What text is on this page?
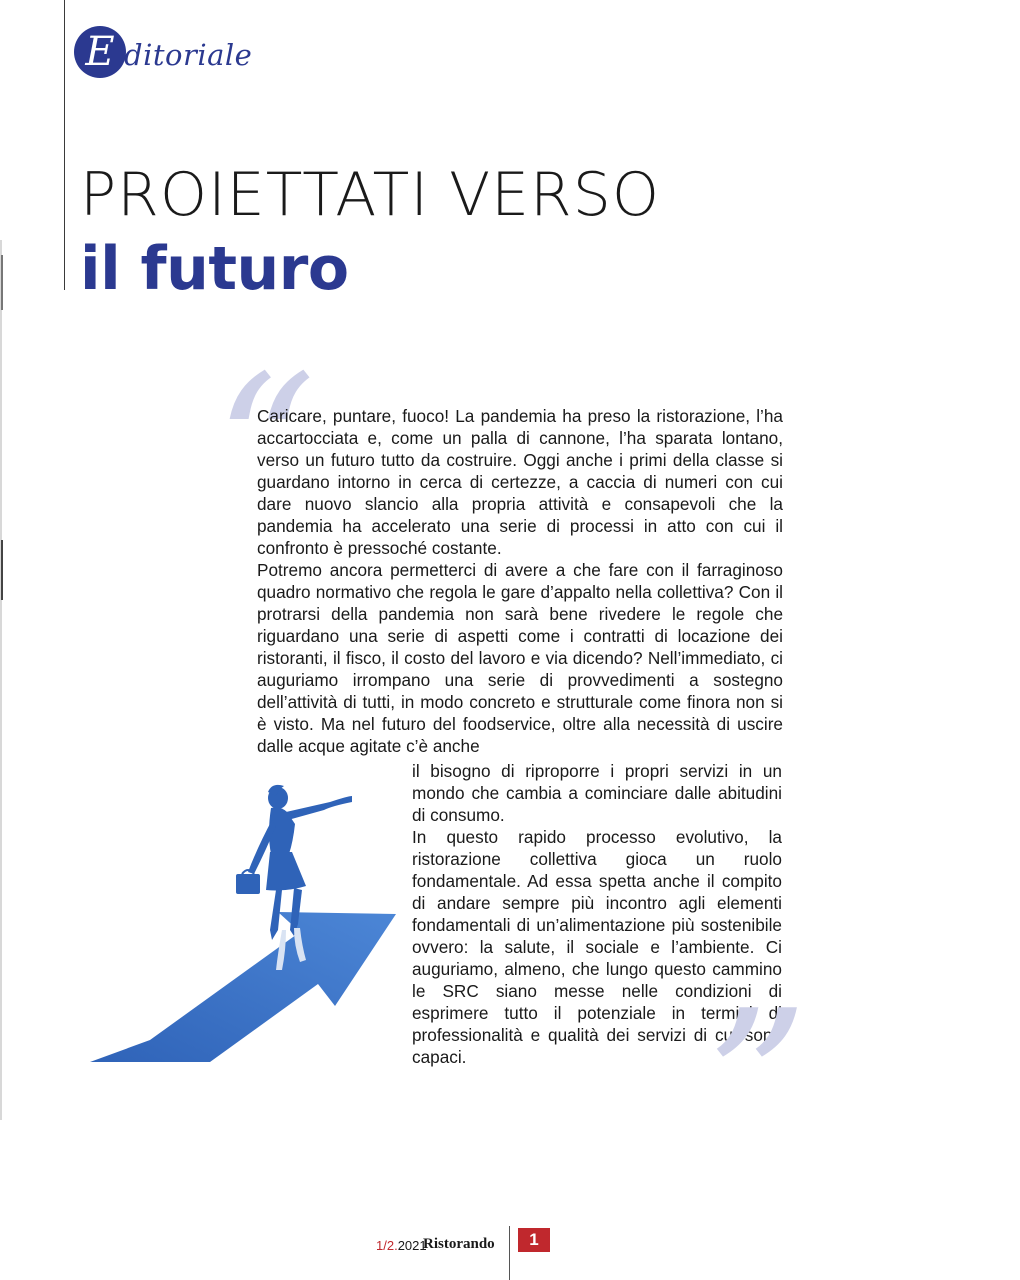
E ditoriale
PROIETTATI VERSO
il futuro
“

Caricare, puntare, fuoco! La pandemia ha preso la ristorazione, l’ha accartocciata e, come un palla di cannone, l’ha sparata lontano, verso un futuro tutto da costruire. Oggi anche i primi della classe si guardano intorno in cerca di certezze, a caccia di numeri con cui dare nuovo slancio alla propria attività e consapevoli che la pandemia ha accelerato una serie di processi in atto con cui il confronto è pressoché costante.

Potremo ancora permetterci di avere a che fare con il farraginoso quadro normativo che regola le gare d’appalto nella collettiva? Con il protrarsi della pandemia non sarà bene rivedere le regole che riguardano una serie di aspetti come i contratti di locazione dei ristoranti, il fisco, il costo del lavoro e via dicendo? Nell’immediato, ci auguriamo irrompano una serie di provvedimenti a sostegno dell’attività di tutti, in modo concreto e strutturale come finora non si è visto. Ma nel futuro del foodservice, oltre alla necessità di uscire dalle acque agitate c’è anche

il bisogno di riproporre i propri servizi in un mondo che cambia a cominciare dalle abitudini di consumo.

In questo rapido processo evolutivo, la ristorazione collettiva gioca un ruolo fondamentale. Ad essa spetta anche il compito di andare sempre più incontro agli elementi fondamentali di un’alimentazione più sostenibile ovvero: la salute, il sociale e l’ambiente. Ci auguriamo, almeno, che lungo questo cammino le SRC siano messe nelle condizioni di esprimere tutto il potenziale in termini di professionalità e qualità dei servizi di cui sono capaci.	”
1/2.2021
Ristorando	1
